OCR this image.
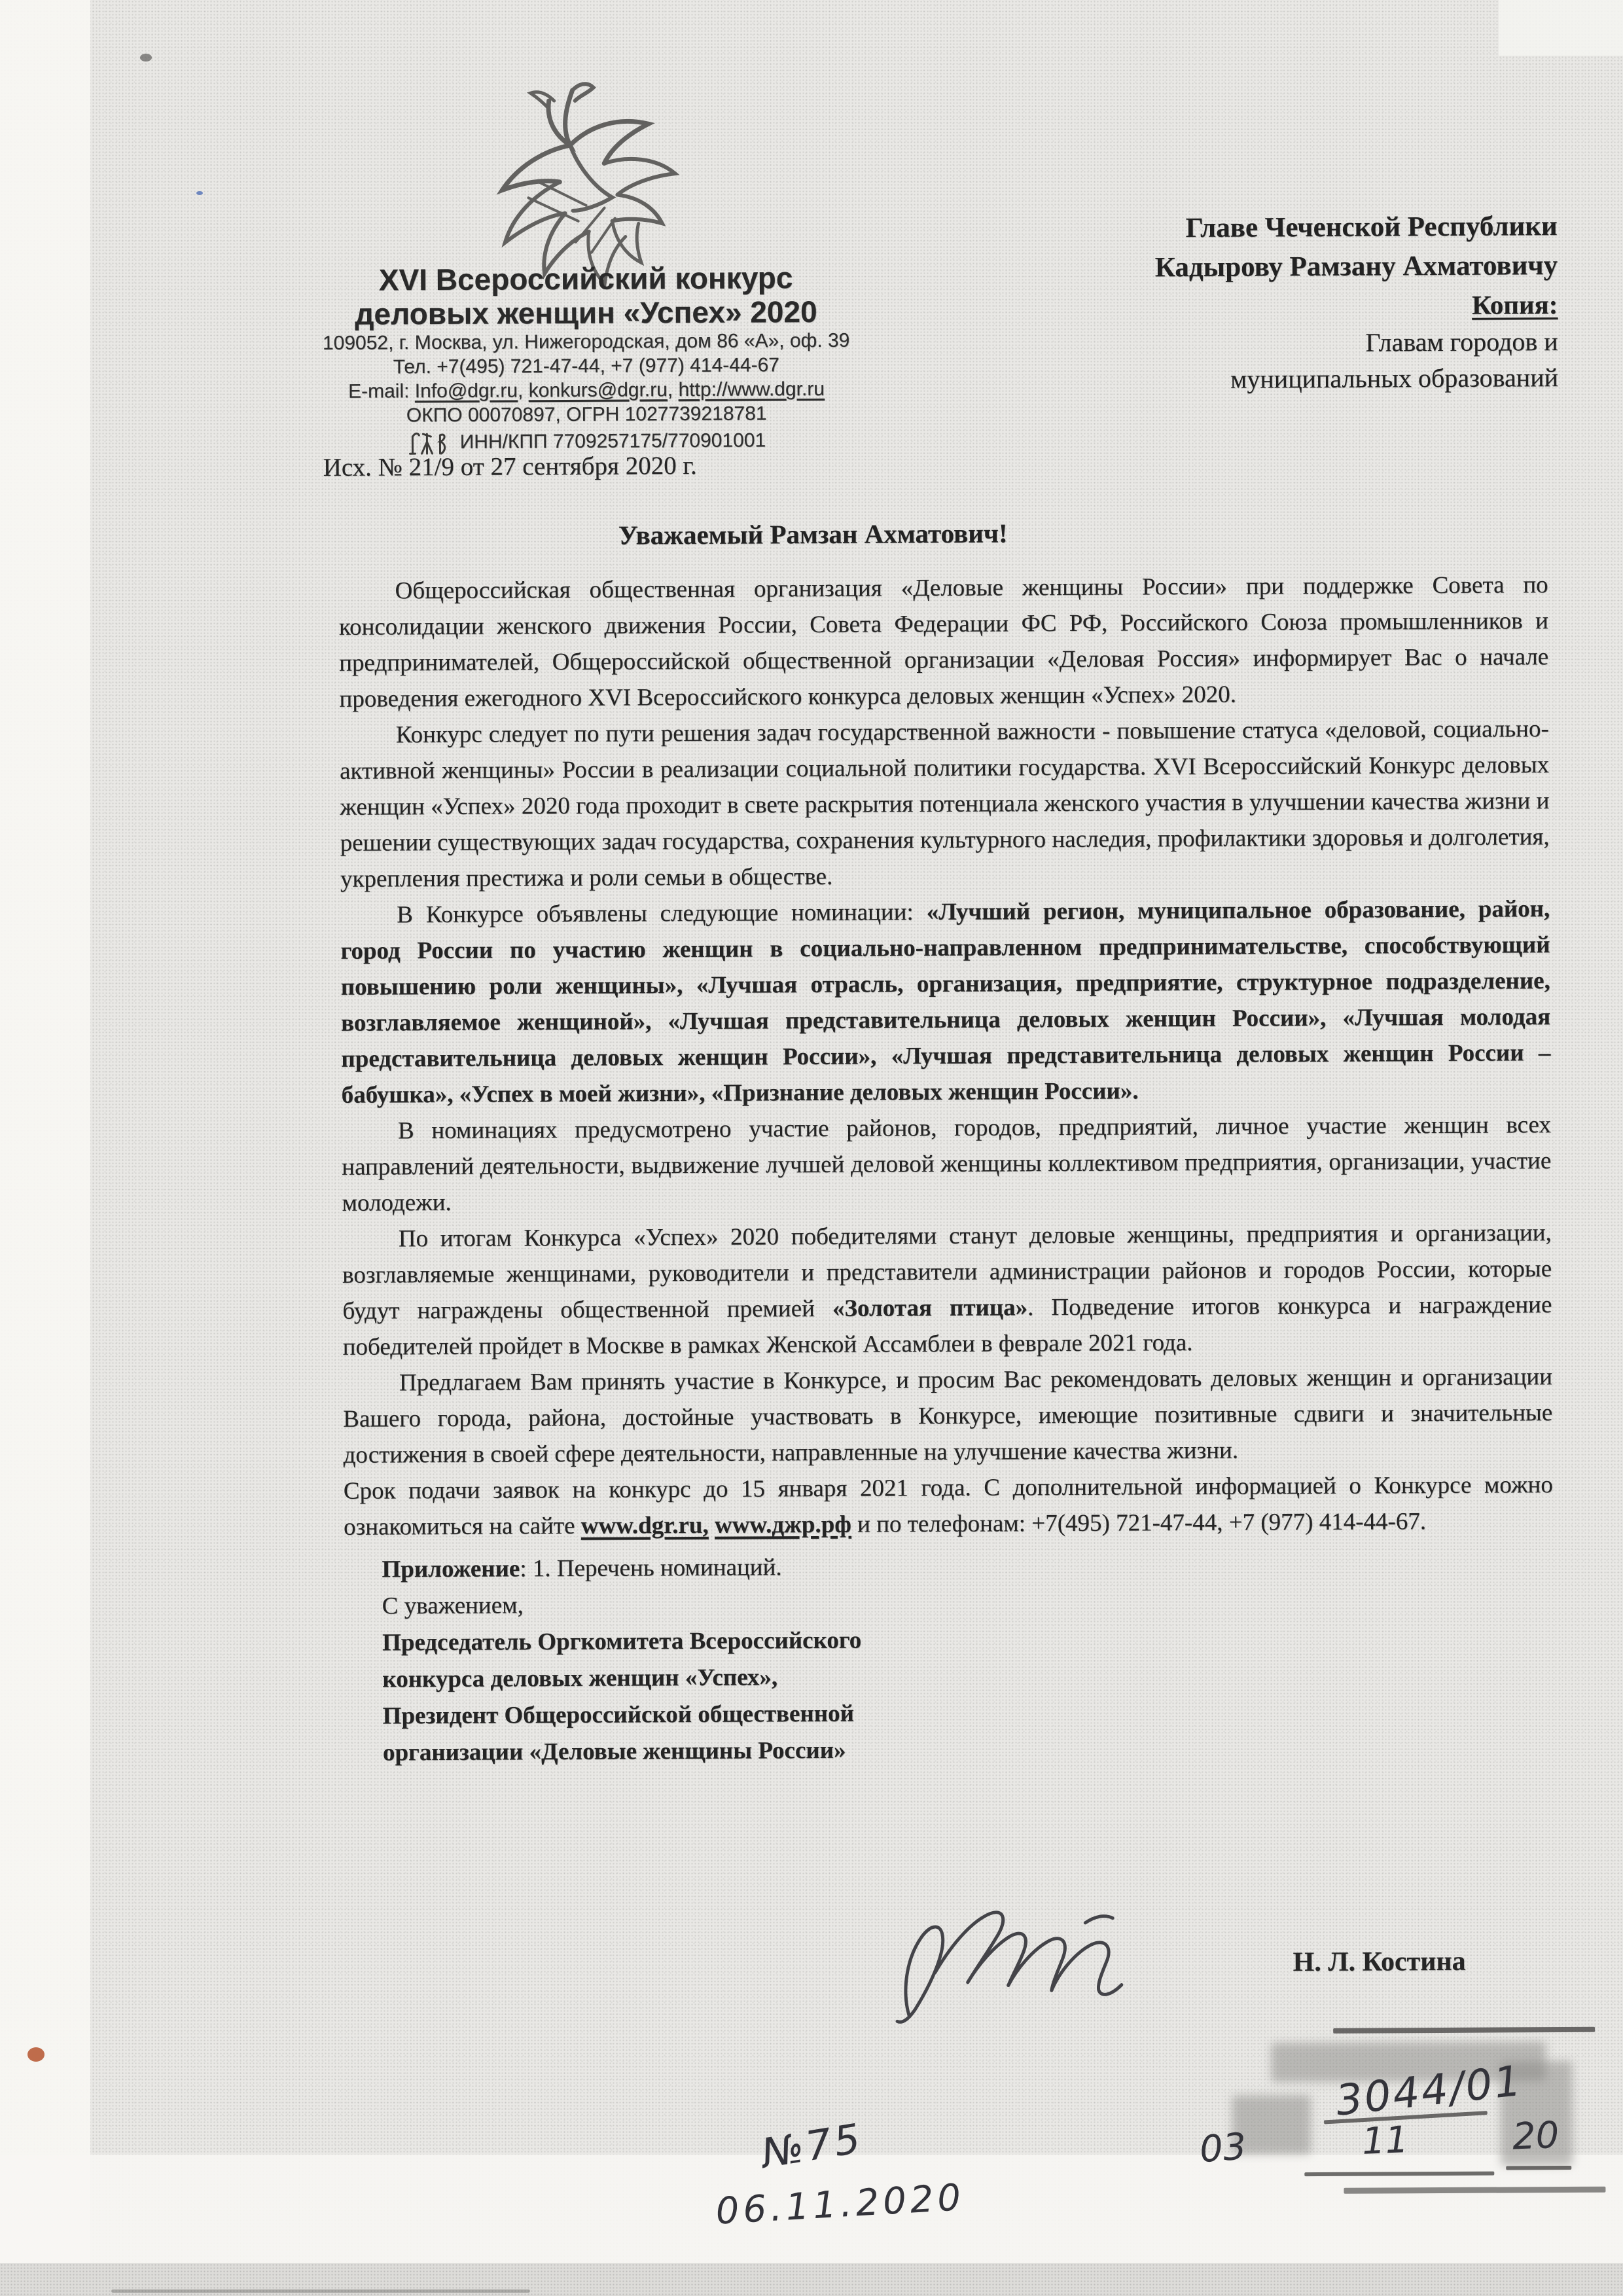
XVI Всероссийский конкурс
деловых женщин «Успех» 2020
109052, г. Москва, ул. Нижегородская, дом 86 «А», оф. 39
Тел. +7(495) 721-47-44, +7 (977) 414-44-67
E-mail: Info@dgr.ru, konkurs@dgr.ru, http://www.dgr.ru
ОКПО 00070897, ОГРН 1027739218781
ИНН/КПП 7709257175/770901001
Исх. № 21/9 от 27 сентября 2020 г.
Главе Чеченской Республики
Кадырову Рамзану Ахматовичу
Копия:
Главам городов и
муниципальных образований
Уважаемый Рамзан Ахматович!

Общероссийская общественная организация «Деловые женщины России» при поддержке Совета по консолидации женского движения России, Совета Федерации ФС РФ, Российского Союза промышленников и предпринимателей, Общероссийской общественной организации «Деловая Россия» информирует Вас о начале проведения ежегодного XVI Всероссийского конкурса деловых женщин «Успех» 2020.

Конкурс следует по пути решения задач государственной важности - повышение статуса «деловой, социально-активной женщины» России в реализации социальной политики государства. XVI Всероссийский Конкурс деловых женщин «Успех» 2020 года проходит в свете раскрытия потенциала женского участия в улучшении качества жизни и решении существующих задач государства, сохранения культурного наследия, профилактики здоровья и долголетия, укрепления престижа и роли семьи в обществе.

В Конкурсе объявлены следующие номинации: «Лучший регион, муниципальное образование, район, город России по участию женщин в социально-направленном предпринимательстве, способствующий повышению роли женщины», «Лучшая отрасль, организация, предприятие, структурное подразделение, возглавляемое женщиной», «Лучшая представительница деловых женщин России», «Лучшая молодая представительница деловых женщин России», «Лучшая представительница деловых женщин России – бабушка», «Успех в моей жизни», «Признание деловых женщин России».

В номинациях предусмотрено участие районов, городов, предприятий, личное участие женщин всех направлений деятельности, выдвижение лучшей деловой женщины коллективом предприятия, организации, участие молодежи.

По итогам Конкурса «Успех» 2020 победителями станут деловые женщины, предприятия и организации, возглавляемые женщинами, руководители и представители администрации районов и городов России, которые будут награждены общественной премией «Золотая птица». Подведение итогов конкурса и награждение победителей пройдет в Москве в рамках Женской Ассамблеи в феврале 2021 года.

Предлагаем Вам принять участие в Конкурсе, и просим Вас рекомендовать деловых женщин и организации Вашего города, района, достойные участвовать в Конкурсе, имеющие позитивные сдвиги и значительные достижения в своей сфере деятельности, направленные на улучшение качества жизни.

Срок подачи заявок на конкурс до 15 января 2021 года. С дополнительной информацией о Конкурсе можно ознакомиться на сайте www.dgr.ru, www.джр.рф и по телефонам: +7(495) 721-47-44, +7 (977) 414-44-67.

Приложение: 1. Перечень номинаций.
С уважением,
Председатель Оргкомитета Всероссийского
конкурса деловых женщин «Успех»,
Президент Общероссийской общественной
организации «Деловые женщины России»
Н. Л. Костина
№75
06.11.2020
3044/01
03	11	20
